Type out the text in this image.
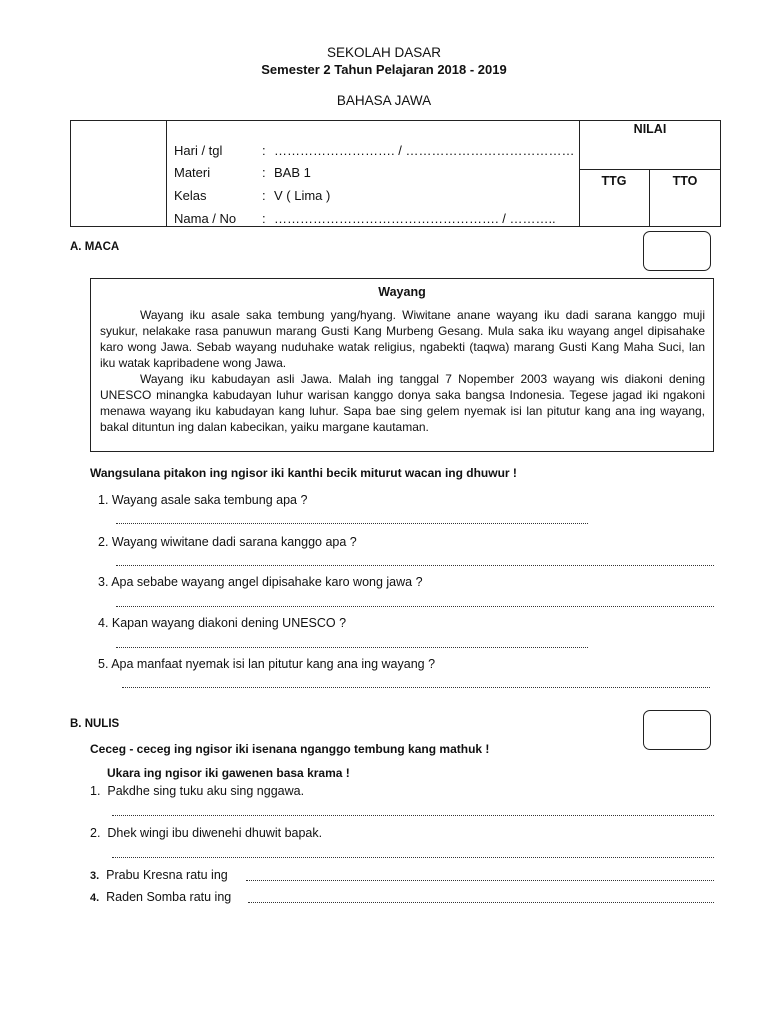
SEKOLAH DASAR
Semester 2 Tahun Pelajaran 2018 - 2019
BAHASA JAWA
NILAI
TTG	TTO
Hari / tgl	: ………………………. / …………………………………
Materi	: BAB 1
Kelas	: V ( Lima )
Nama / No : ……………………………………………. / ………..
A. MACA
Wayang

Wayang iku asale saka tembung yang/hyang. Wiwitane anane wayang iku dadi sarana kanggo muji syukur, nelakake rasa panuwun marang Gusti Kang Murbeng Gesang. Mula saka iku wayang angel dipisahake karo wong Jawa. Sebab wayang nuduhake watak religius, ngabekti (taqwa) marang Gusti Kang Maha Suci, lan iku watak kapribadene wong Jawa.

Wayang iku kabudayan asli Jawa. Malah ing tanggal 7 Nopember 2003 wayang wis diakoni dening UNESCO minangka kabudayan luhur warisan kanggo donya saka bangsa Indonesia. Tegese jagad iki ngakoni menawa wayang iku kabudayan kang luhur. Sapa bae sing gelem nyemak isi lan pitutur kang ana ing wayang, bakal dituntun ing dalan kabecikan, yaiku margane kautaman.

Wangsulana pitakon ing ngisor iki kanthi becik miturut wacan ing dhuwur !
1. Wayang asale saka tembung apa ?
2. Wayang wiwitane dadi sarana kanggo apa ?
3. Apa sebabe wayang angel dipisahake karo wong jawa ?
4. Kapan wayang diakoni dening UNESCO ?
5. Apa manfaat nyemak isi lan pitutur kang ana ing wayang ?
B. NULIS
Ceceg - ceceg ing ngisor iki isenana nganggo tembung kang mathuk !
Ukara ing ngisor iki gawenen basa krama !
1. Pakdhe sing tuku aku sing nggawa.
2. Dhek wingi ibu diwenehi dhuwit bapak.
3. Prabu Kresna ratu ing
4. Raden Somba ratu ing
